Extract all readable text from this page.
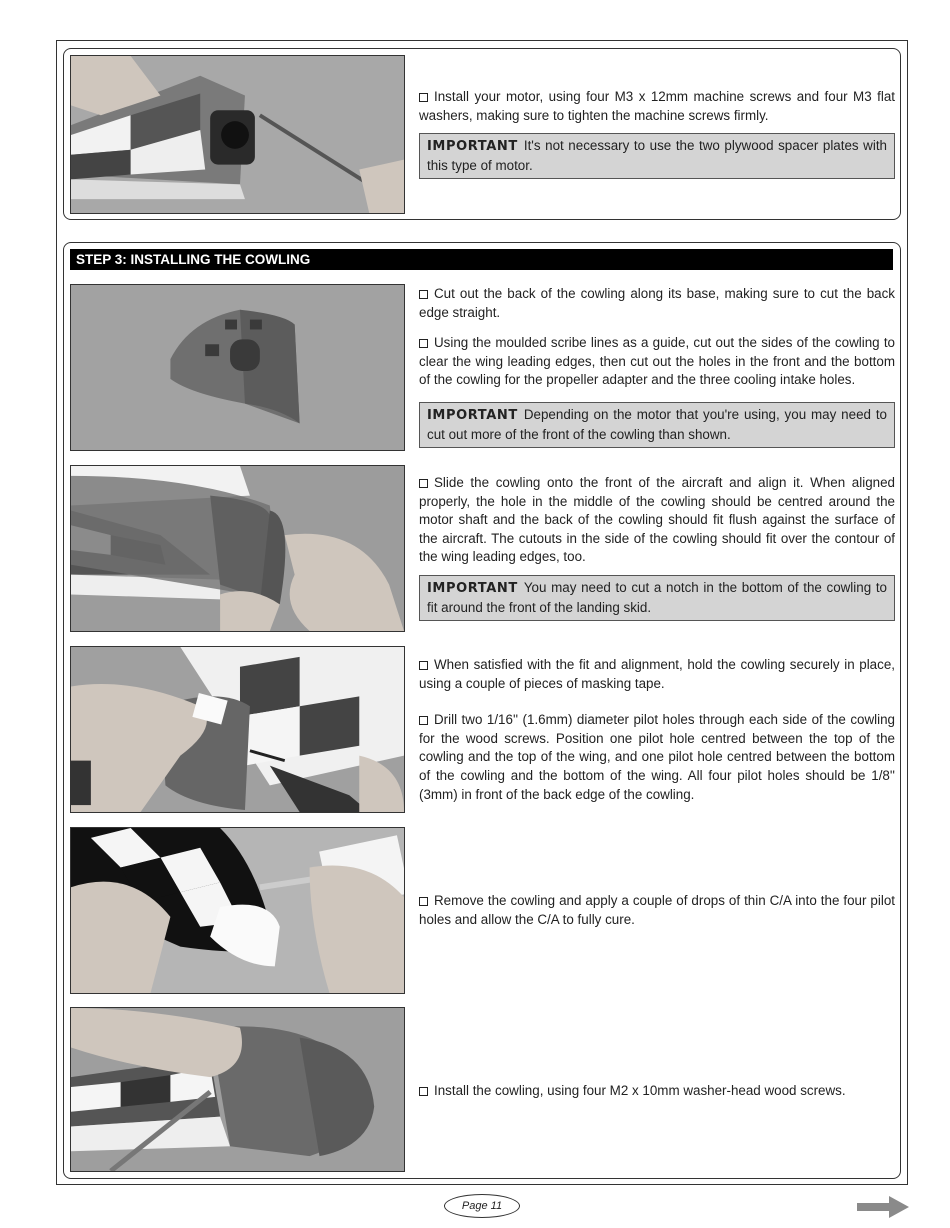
Install your motor, using four M3 x 12mm machine screws and four M3 flat washers, making sure to tighten the machine screws firmly.

IMPORTANT It's not necessary to use the two plywood spacer plates with this type of motor.
STEP 3: INSTALLING THE COWLING

Cut out the back of the cowling along its base, making sure to cut the back edge straight.

Using the moulded scribe lines as a guide, cut out the sides of the cowling to clear the wing leading edges, then cut out the holes in the front and the bottom of the cowling for the propeller adapter and the three cooling intake holes.

IMPORTANT Depending on the motor that you're using, you may need to cut out more of the front of the cowling than shown.

Slide the cowling onto the front of the aircraft and align it. When aligned properly, the hole in the middle of the cowling should be centred around the motor shaft and the back of the cowling should fit flush against the surface of the aircraft. The cutouts in the side of the cowling should fit over the contour of the wing leading edges, too.

IMPORTANT You may need to cut a notch in the bottom of the cowling to fit around the front of the landing skid.

When satisfied with the fit and alignment, hold the cowling securely in place, using a couple of pieces of masking tape.

Drill two 1/16'' (1.6mm) diameter pilot holes through each side of the cowling for the wood screws. Position one pilot hole centred between the top of the cowling and the top of the wing, and one pilot hole centred between the bottom of the cowling and the bottom of the wing. All four pilot holes should be 1/8'' (3mm) in front of the back edge of the cowling.

Remove the cowling and apply a couple of drops of thin C/A into the four pilot holes and allow the C/A to fully cure.

Install the cowling, using four M2 x 10mm washer-head wood screws.

Page 11
